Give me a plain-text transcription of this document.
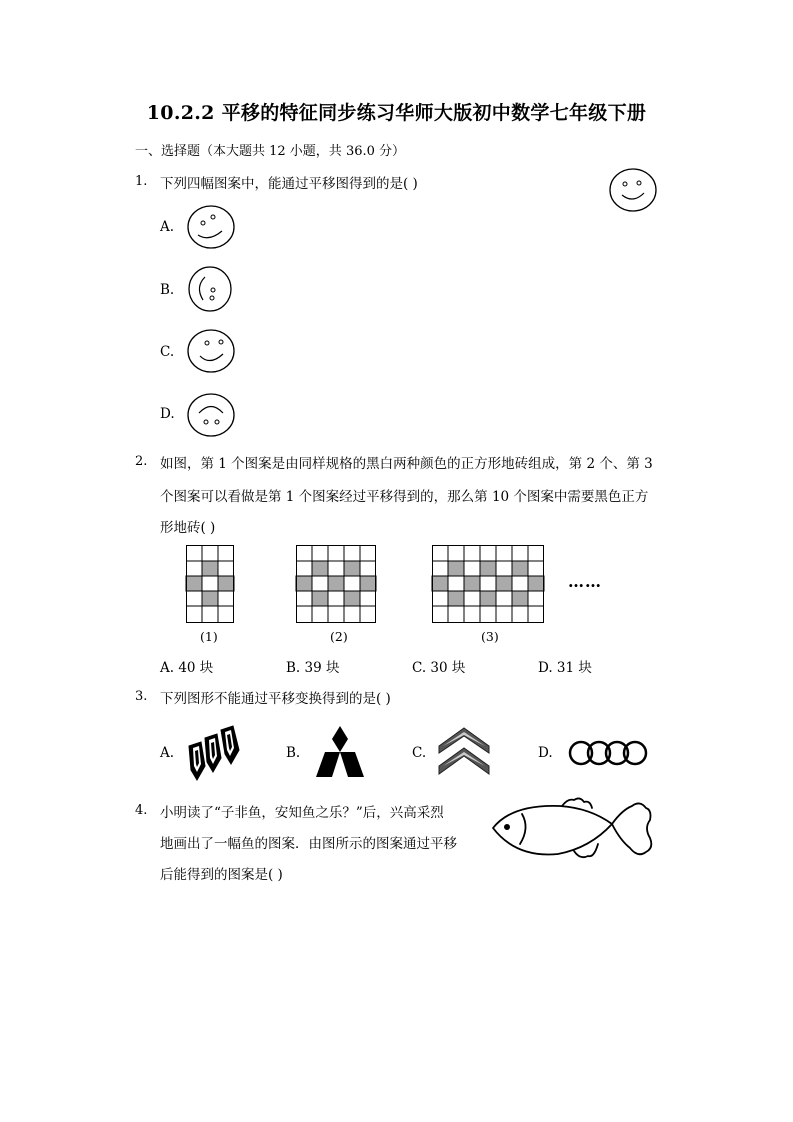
10.2.2 平移的特征同步练习华师大版初中数学七年级下册
一、选择题（本大题共 12 小题，共 36.0 分）
1. 下列四幅图案中，能通过平移图得到的是( )
A.
B.
C.
D.
2. 如图，第 1 个图案是由同样规格的黑白两种颜色的正方形地砖组成，第 2 个、第 3
个图案可以看做是第 1 个图案经过平移得到的，那么第 10 个图案中需要黑色正方
形地砖( )
……
(1)	(2)	(3)
A. 40 块	B. 39 块	C. 30 块	D. 31 块
3. 下列图形不能通过平移变换得到的是( )
A.	B.	C.	D.
4. 小明读了“子非鱼，安知鱼之乐？”后，兴高采烈
地画出了一幅鱼的图案．由图所示的图案通过平移
后能得到的图案是( )
